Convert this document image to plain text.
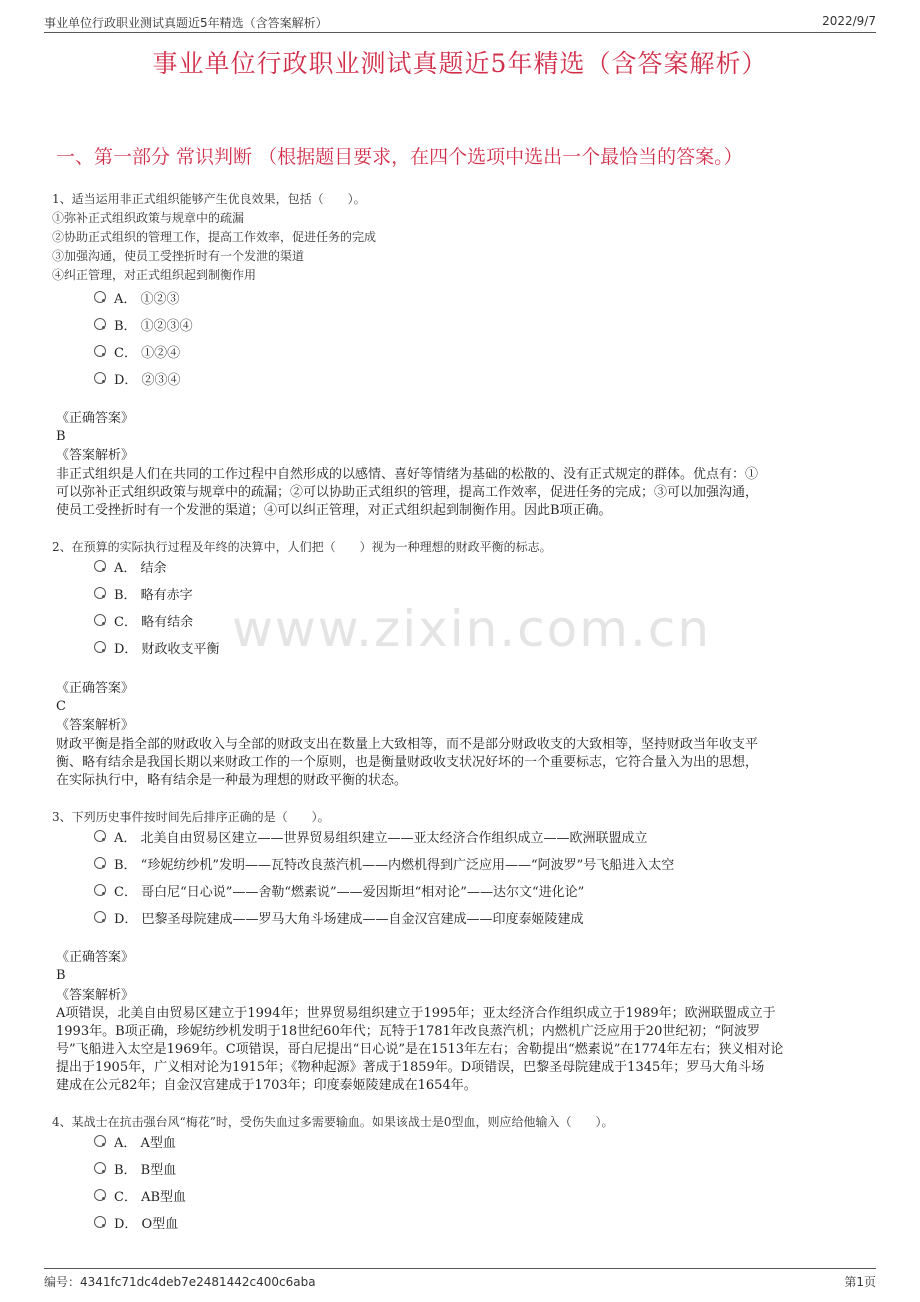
事业单位行政职业测试真题近5年精选（含答案解析）	2022/9/7
事业单位行政职业测试真题近5年精选（含答案解析）
一、第一部分 常识判断 （根据题目要求，在四个选项中选出一个最恰当的答案。）
www.zixin.com.cn
1、适当运用非正式组织能够产生优良效果，包括（　　）。
①弥补正式组织政策与规章中的疏漏
②协助正式组织的管理工作，提高工作效率，促进任务的完成
③加强沟通，使员工受挫折时有一个发泄的渠道
④纠正管理，对正式组织起到制衡作用
A． ①②③
B． ①②③④
C． ①②④
D． ②③④
《正确答案》
B
《答案解析》
非正式组织是人们在共同的工作过程中自然形成的以感情、喜好等情绪为基础的松散的、没有正式规定的群体。优点有：①
可以弥补正式组织政策与规章中的疏漏；②可以协助正式组织的管理，提高工作效率，促进任务的完成；③可以加强沟通，
使员工受挫折时有一个发泄的渠道；④可以纠正管理，对正式组织起到制衡作用。因此B项正确。
2、在预算的实际执行过程及年终的决算中，人们把（　　）视为一种理想的财政平衡的标志。
A． 结余
B． 略有赤字
C． 略有结余
D． 财政收支平衡
《正确答案》
C
《答案解析》
财政平衡是指全部的财政收入与全部的财政支出在数量上大致相等，而不是部分财政收支的大致相等，坚持财政当年收支平
衡、略有结余是我国长期以来财政工作的一个原则，也是衡量财政收支状况好坏的一个重要标志，它符合量入为出的思想，
在实际执行中，略有结余是一种最为理想的财政平衡的状态。
3、下列历史事件按时间先后排序正确的是（　　）。
A． 北美自由贸易区建立——世界贸易组织建立——亚太经济合作组织成立——欧洲联盟成立
B． “珍妮纺纱机”发明——瓦特改良蒸汽机——内燃机得到广泛应用——“阿波罗”号飞船进入太空
C． 哥白尼“日心说”——舍勒“燃素说”——爱因斯坦“相对论”——达尔文“进化论”
D． 巴黎圣母院建成——罗马大角斗场建成——自金汉宫建成——印度泰姬陵建成
《正确答案》
B
《答案解析》
A项错误，北美自由贸易区建立于1994年；世界贸易组织建立于1995年；亚太经济合作组织成立于1989年；欧洲联盟成立于
1993年。B项正确，珍妮纺纱机发明于18世纪60年代；瓦特于1781年改良蒸汽机；内燃机广泛应用于20世纪初；“阿波罗
号”飞船进入太空是1969年。C项错误，哥白尼提出“日心说”是在1513年左右；舍勒提出“燃素说”在1774年左右；狭义相对论
提出于1905年，广义相对论为1915年；《物种起源》著成于1859年。D项错误，巴黎圣母院建成于1345年；罗马大角斗场
建成在公元82年；自金汉宫建成于1703年；印度泰姬陵建成在1654年。
4、某战士在抗击强台风“梅花”时，受伤失血过多需要输血。如果该战士是0型血，则应给他输入（　　）。
A． A型血
B． B型血
C． AB型血
D． O型血
编号：4341fc71dc4deb7e2481442c400c6aba	第1页
